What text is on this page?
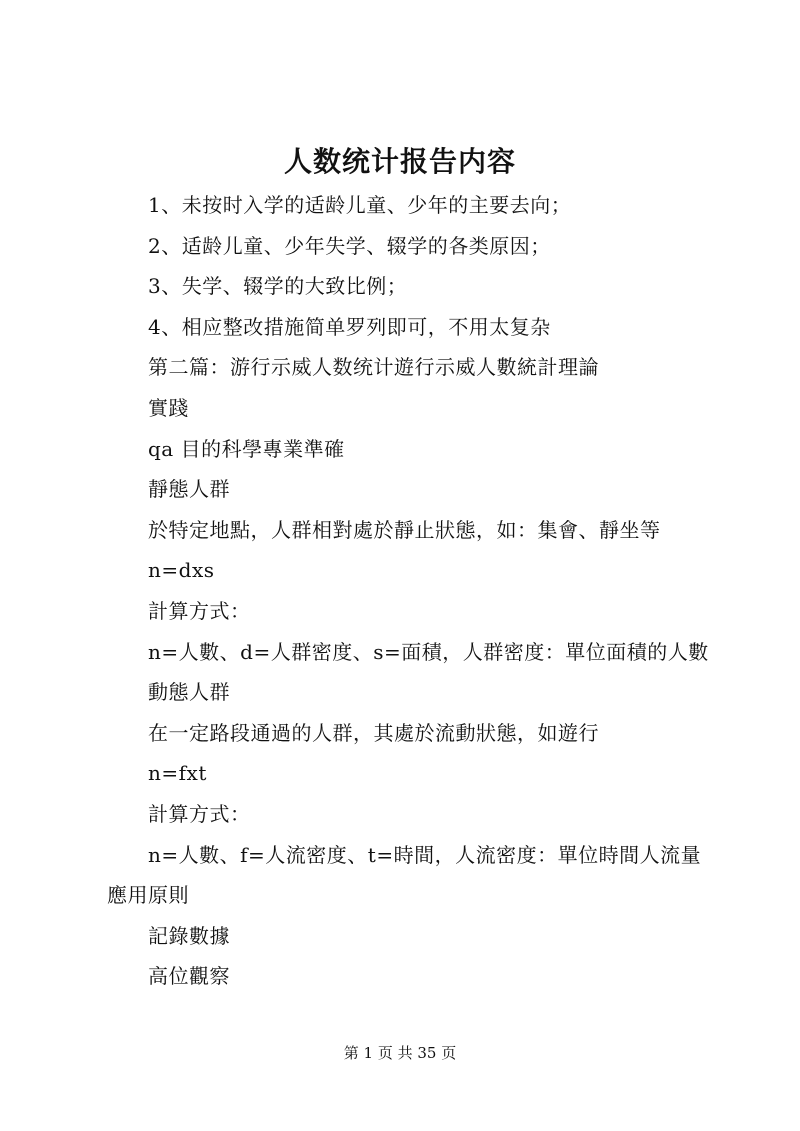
人数统计报告内容

1、未按时入学的适龄儿童、少年的主要去向；

2、适龄儿童、少年失学、辍学的各类原因；

3、失学、辍学的大致比例；

4、相应整改措施简单罗列即可，不用太复杂

第二篇：游行示威人数统计遊行示威人數統計理論

實踐

qa 目的科學專業準確

靜態人群

於特定地點，人群相對處於靜止狀態，如：集會、靜坐等

n=dxs

計算方式：

n=人數、d=人群密度、s=面積，人群密度：單位面積的人數

動態人群

在一定路段通過的人群，其處於流動狀態，如遊行

n=fxt

計算方式：

n=人數、f=人流密度、t=時間，人流密度：單位時間人流量

應用原則

記錄數據

高位觀察

第 1 页 共 35 页
